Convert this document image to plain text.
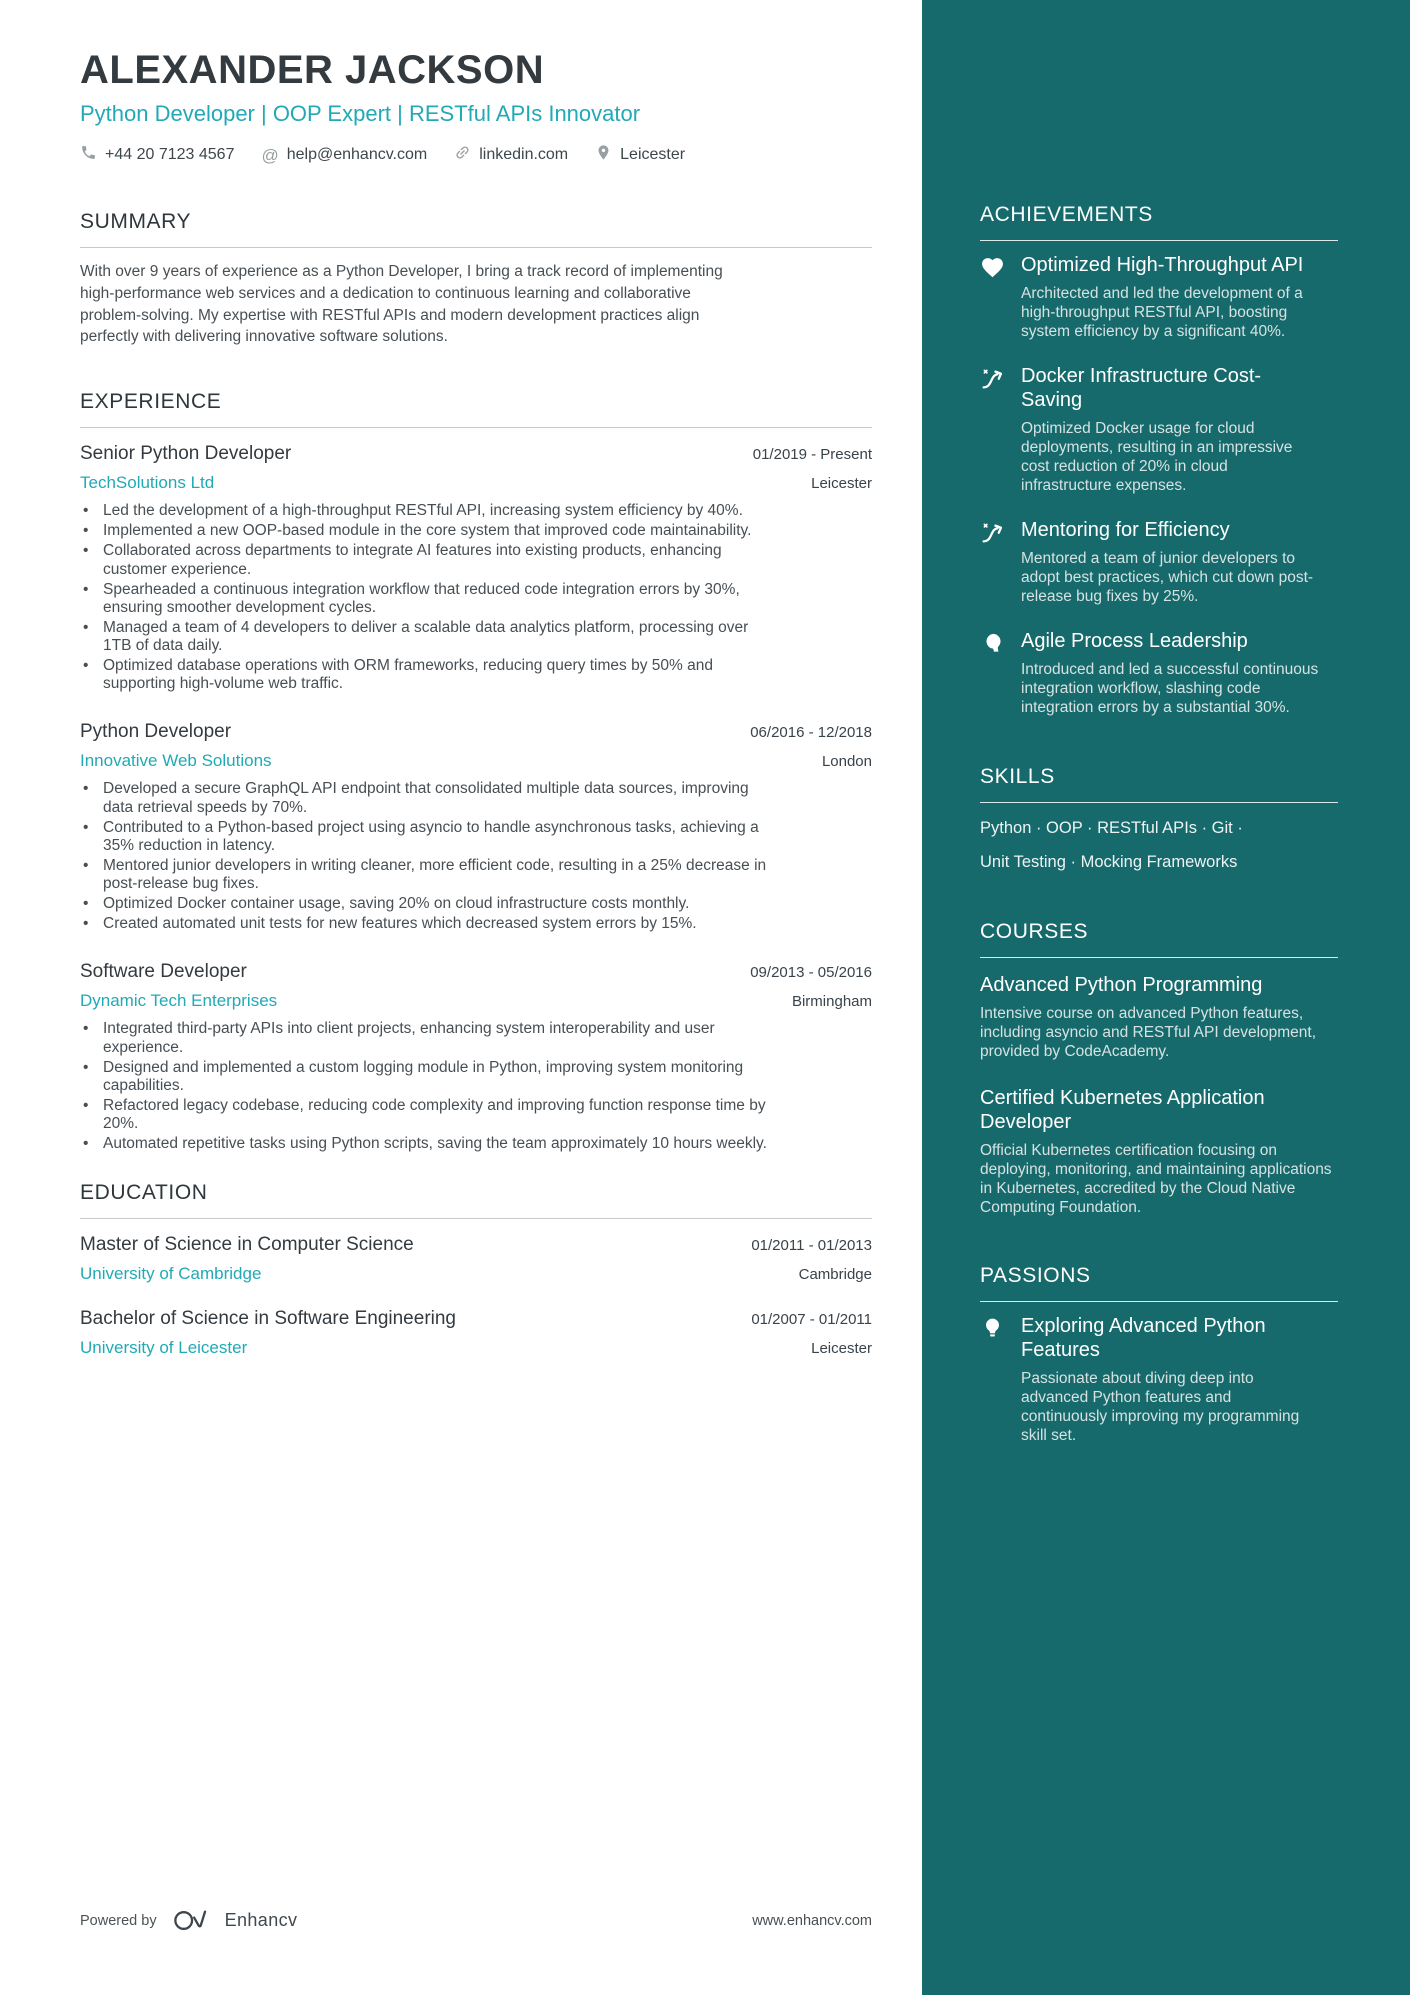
ACHIEVEMENTS
Optimized High-Throughput API
Architected and led the development of a high-throughput RESTful API, boosting system efficiency by a significant 40%.
Docker Infrastructure Cost-Saving
Optimized Docker usage for cloud deployments, resulting in an impressive cost reduction of 20% in cloud infrastructure expenses.
Mentoring for Efficiency
Mentored a team of junior developers to adopt best practices, which cut down post-release bug fixes by 25%.
Agile Process Leadership
Introduced and led a successful continuous integration workflow, slashing code integration errors by a substantial 30%.
SKILLS
Python · OOP · RESTful APIs · Git ·
Unit Testing · Mocking Frameworks
COURSES
Advanced Python Programming
Intensive course on advanced Python features, including asyncio and RESTful API development, provided by CodeAcademy.
Certified Kubernetes Application Developer
Official Kubernetes certification focusing on deploying, monitoring, and maintaining applications in Kubernetes, accredited by the Cloud Native Computing Foundation.
PASSIONS
Exploring Advanced Python Features
Passionate about diving deep into advanced Python features and continuously improving my programming skill set.
ALEXANDER JACKSON
Python Developer | OOP Expert | RESTful APIs Innovator
+44 20 7123 4567 @ help@enhancv.com	linkedin.com	Leicester
SUMMARY
With over 9 years of experience as a Python Developer, I bring a track record of implementing high-performance web services and a dedication to continuous learning and collaborative problem-solving. My expertise with RESTful APIs and modern development practices align perfectly with delivering innovative software solutions.
EXPERIENCE
Senior Python Developer	01/2019 - Present
TechSolutions Ltd	Leicester
• Led the development of a high-throughput RESTful API, increasing system efficiency by 40%.
• Implemented a new OOP-based module in the core system that improved code maintainability.
• Collaborated across departments to integrate AI features into existing products, enhancing customer experience.
• Spearheaded a continuous integration workflow that reduced code integration errors by 30%, ensuring smoother development cycles.
• Managed a team of 4 developers to deliver a scalable data analytics platform, processing over 1TB of data daily.
• Optimized database operations with ORM frameworks, reducing query times by 50% and supporting high-volume web traffic.
Python Developer	06/2016 - 12/2018
Innovative Web Solutions	London
• Developed a secure GraphQL API endpoint that consolidated multiple data sources, improving data retrieval speeds by 70%.
• Contributed to a Python-based project using asyncio to handle asynchronous tasks, achieving a 35% reduction in latency.
• Mentored junior developers in writing cleaner, more efficient code, resulting in a 25% decrease in post-release bug fixes.
• Optimized Docker container usage, saving 20% on cloud infrastructure costs monthly.
• Created automated unit tests for new features which decreased system errors by 15%.
Software Developer	09/2013 - 05/2016
Dynamic Tech Enterprises	Birmingham
• Integrated third-party APIs into client projects, enhancing system interoperability and user experience.
• Designed and implemented a custom logging module in Python, improving system monitoring capabilities.
• Refactored legacy codebase, reducing code complexity and improving function response time by 20%.
• Automated repetitive tasks using Python scripts, saving the team approximately 10 hours weekly.
EDUCATION
Master of Science in Computer Science	01/2011 - 01/2013
University of Cambridge	Cambridge
Bachelor of Science in Software Engineering	01/2007 - 01/2011
University of Leicester	Leicester
Powered by	Enhancv	www.enhancv.com
